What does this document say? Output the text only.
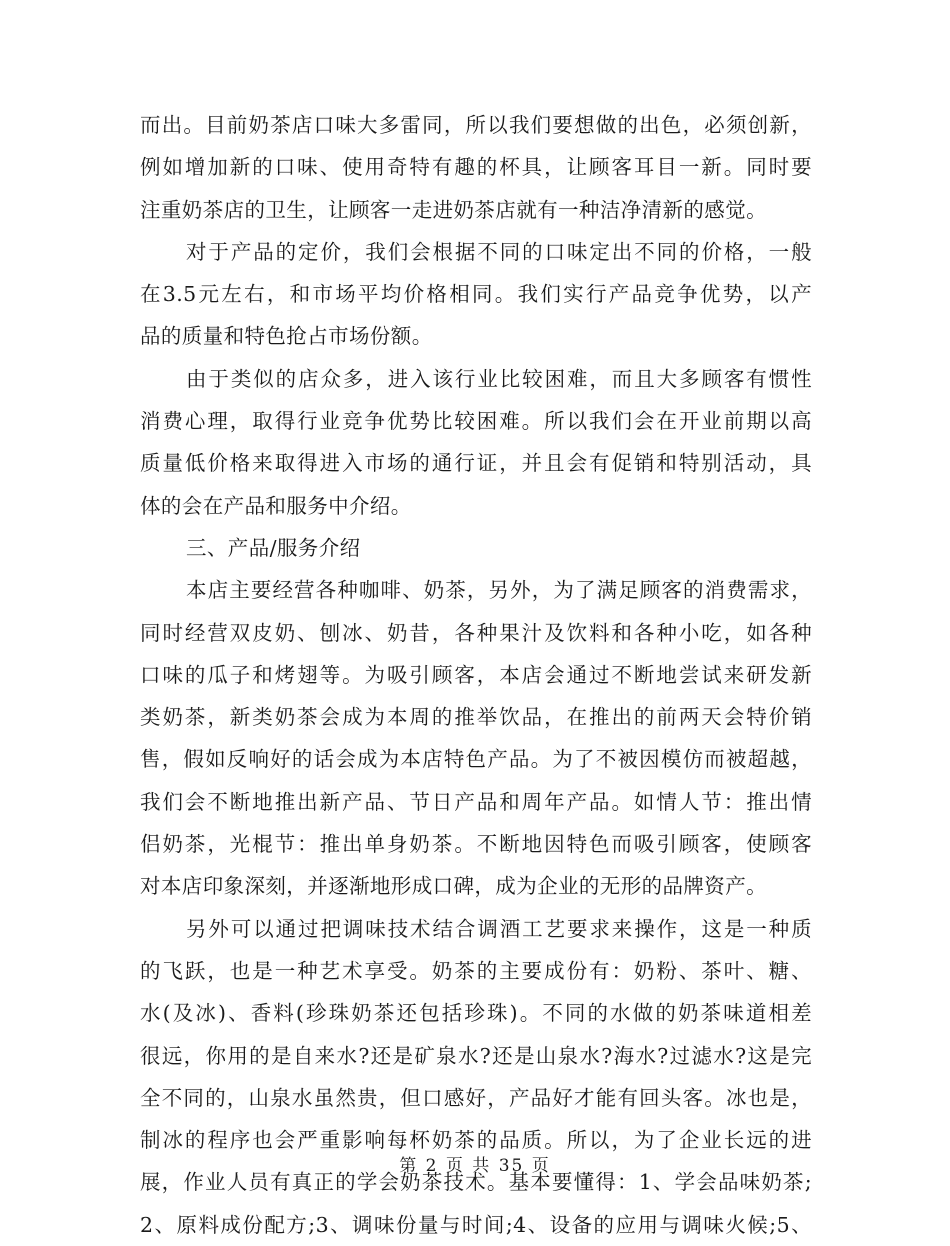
而出。目前奶茶店口味大多雷同，所以我们要想做的出色，必须创新，
例如增加新的口味、使用奇特有趣的杯具，让顾客耳目一新。同时要
注重奶茶店的卫生，让顾客一走进奶茶店就有一种洁净清新的感觉。
对于产品的定价，我们会根据不同的口味定出不同的价格，一般
在3.5元左右，和市场平均价格相同。我们实行产品竞争优势，以产
品的质量和特色抢占市场份额。
由于类似的店众多，进入该行业比较困难，而且大多顾客有惯性
消费心理，取得行业竞争优势比较困难。所以我们会在开业前期以高
质量低价格来取得进入市场的通行证，并且会有促销和特别活动，具
体的会在产品和服务中介绍。
三、产品/服务介绍
本店主要经营各种咖啡、奶茶，另外，为了满足顾客的消费需求，
同时经营双皮奶、刨冰、奶昔，各种果汁及饮料和各种小吃，如各种
口味的瓜子和烤翅等。为吸引顾客，本店会通过不断地尝试来研发新
类奶茶，新类奶茶会成为本周的推举饮品，在推出的前两天会特价销
售，假如反响好的话会成为本店特色产品。为了不被因模仿而被超越，
我们会不断地推出新产品、节日产品和周年产品。如情人节：推出情
侣奶茶，光棍节：推出单身奶茶。不断地因特色而吸引顾客，使顾客
对本店印象深刻，并逐渐地形成口碑，成为企业的无形的品牌资产。
另外可以通过把调味技术结合调酒工艺要求来操作，这是一种质
的飞跃，也是一种艺术享受。奶茶的主要成份有：奶粉、茶叶、糖、
水(及冰)、香料(珍珠奶茶还包括珍珠)。不同的水做的奶茶味道相差
很远，你用的是自来水?还是矿泉水?还是山泉水?海水?过滤水?这是完
全不同的，山泉水虽然贵，但口感好，产品好才能有回头客。冰也是，
制冰的程序也会严重影响每杯奶茶的品质。所以，为了企业长远的进
展，作业人员有真正的学会奶茶技术。基本要懂得：1、学会品味奶茶;
2、原料成份配方;3、调味份量与时间;4、设备的应用与调味火候;5、
第 2 页 共 35 页
